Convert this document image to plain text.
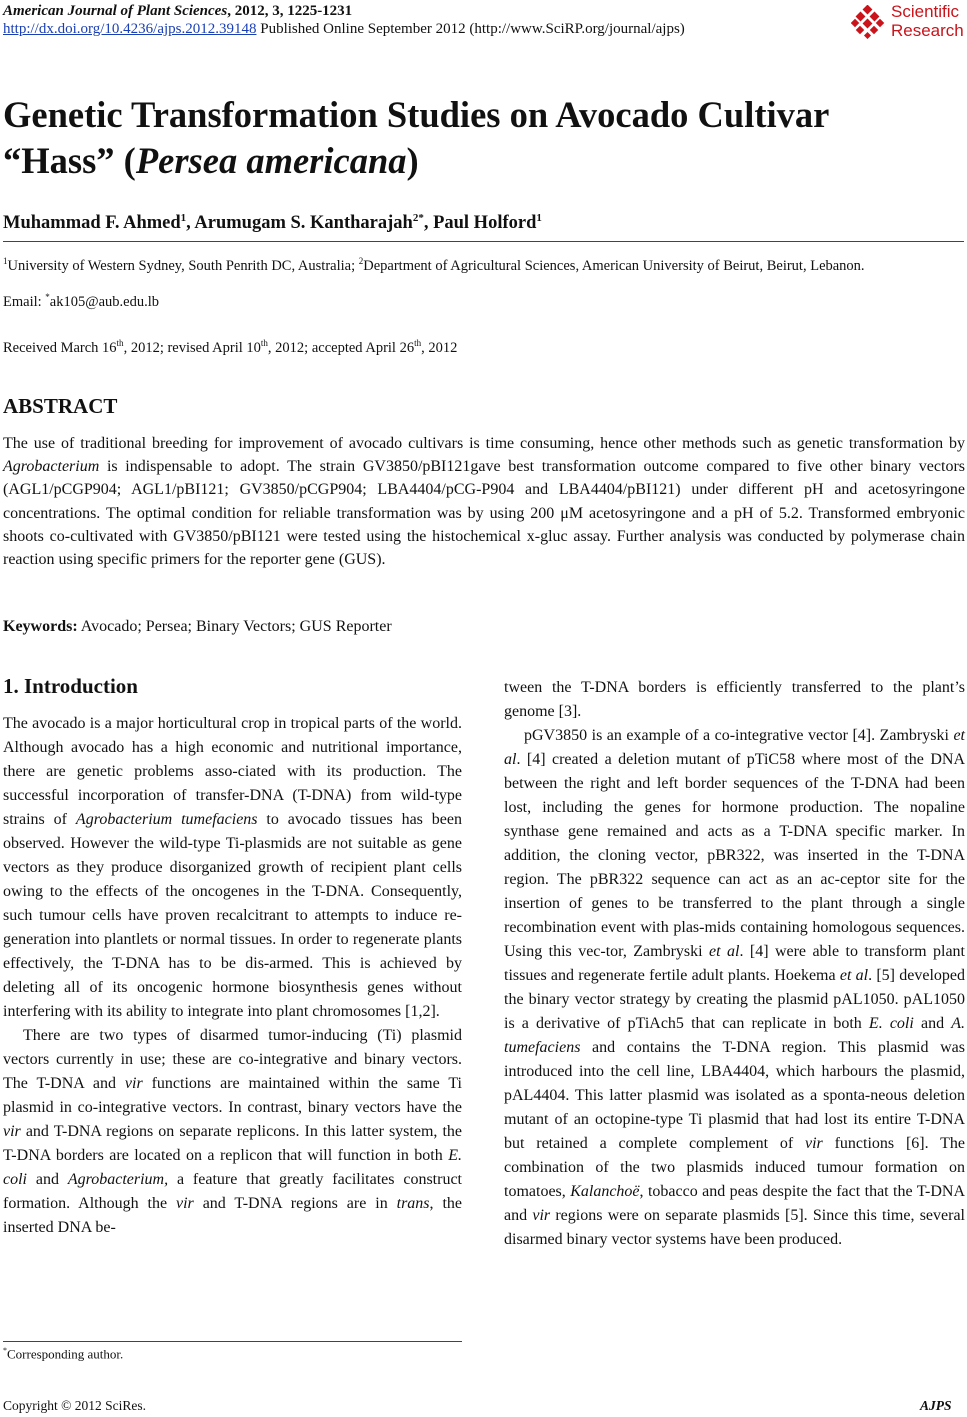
American Journal of Plant Sciences, 2012, 3, 1225-1231
http://dx.doi.org/10.4236/ajps.2012.39148 Published Online September 2012 (http://www.SciRP.org/journal/ajps)
Scientific
Research
Genetic Transformation Studies on Avocado Cultivar
“Hass” (Persea americana)
Muhammad F. Ahmed$^1$, Arumugam S. Kantharajah$^{2*}$, Paul Holford$^1$
$^1$University of Western Sydney, South Penrith DC, Australia; $^2$Department of Agricultural Sciences, American University of Beirut, Beirut, Lebanon.
Email: *ak105@aub.edu.lb
Received March 16th, 2012; revised April 10th, 2012; accepted April 26th, 2012
ABSTRACT
The use of traditional breeding for improvement of avocado cultivars is time consuming, hence other methods such as genetic transformation by Agrobacterium is indispensable to adopt. The strain GV3850/pBI121gave best transformation outcome compared to five other binary vectors (AGL1/pCGP904; AGL1/pBI121; GV3850/pCGP904; LBA4404/pCG-P904 and LBA4404/pBI121) under different pH and acetosyringone concentrations. The optimal condition for reliable transformation was by using 200 μM acetosyringone and a pH of 5.2. Transformed embryonic shoots co-cultivated with GV3850/pBI121 were tested using the histochemical x-gluc assay. Further analysis was conducted by polymerase chain reaction using specific primers for the reporter gene (GUS).
Keywords: Avocado; Persea; Binary Vectors; GUS Reporter
1. Introduction

The avocado is a major horticultural crop in tropical parts of the world. Although avocado has a high economic and nutritional importance, there are genetic problems asso-ciated with its production. The successful incorporation of transfer-DNA (T-DNA) from wild-type strains of Agrobacterium tumefaciens to avocado tissues has been observed. However the wild-type Ti-plasmids are not suitable as gene vectors as they produce disorganized growth of recipient plant cells owing to the effects of the oncogenes in the T-DNA. Consequently, such tumour cells have proven recalcitrant to attempts to induce re-generation into plantlets or normal tissues. In order to regenerate plants effectively, the T-DNA has to be dis-armed. This is achieved by deleting all of its oncogenic hormone biosynthesis genes without interfering with its ability to integrate into plant chromosomes [1,2].

There are two types of disarmed tumor-inducing (Ti) plasmid vectors currently in use; these are co-integrative and binary vectors. The T-DNA and vir functions are maintained within the same Ti plasmid in co-integrative vectors. In contrast, binary vectors have the vir and T-DNA regions on separate replicons. In this latter system, the T-DNA borders are located on a replicon that will function in both E. coli and Agrobacterium, a feature that greatly facilitates construct formation. Although the vir and T-DNA regions are in trans, the inserted DNA be-

tween the T-DNA borders is efficiently transferred to the plant’s genome [3].

pGV3850 is an example of a co-integrative vector [4]. Zambryski et al. [4] created a deletion mutant of pTiC58 where most of the DNA between the right and left border sequences of the T-DNA had been lost, including the genes for hormone production. The nopaline synthase gene remained and acts as a T-DNA specific marker. In addition, the cloning vector, pBR322, was inserted in the T-DNA region. The pBR322 sequence can act as an ac-ceptor site for the insertion of genes to be transferred to the plant through a single recombination event with plas-mids containing homologous sequences. Using this vec-tor, Zambryski et al. [4] were able to transform plant tissues and regenerate fertile adult plants. Hoekema et al. [5] developed the binary vector strategy by creating the plasmid pAL1050. pAL1050 is a derivative of pTiAch5 that can replicate in both E. coli and A. tumefaciens and contains the T-DNA region. This plasmid was introduced into the cell line, LBA4404, which harbours the plasmid, pAL4404. This latter plasmid was isolated as a sponta-neous deletion mutant of an octopine-type Ti plasmid that had lost its entire T-DNA but retained a complete complement of vir functions [6]. The combination of the two plasmids induced tumour formation on tomatoes, Kalanchoë, tobacco and peas despite the fact that the T-DNA and vir regions were on separate plasmids [5]. Since this time, several disarmed binary vector systems have been produced.

*Corresponding author.
Copyright © 2012 SciRes.	AJPS
